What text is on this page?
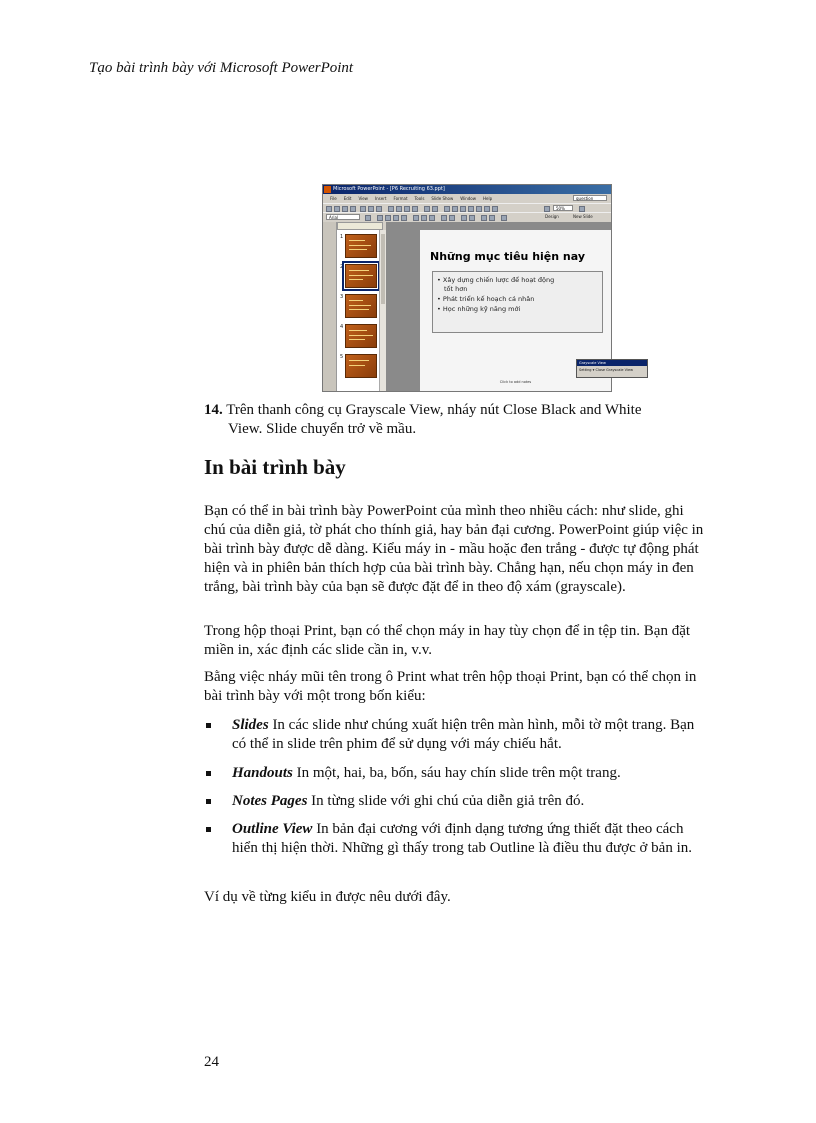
Tạo bài trình bày với Microsoft PowerPoint
Microsoft PowerPoint - [P6 Recruiting 63.ppt]
File Edit View Insert Format Tools Slide Show Window Help	question
50%
Arial	Design	New Slide
1
2
3
4
5
Những mục tiêu hiện nay
• Xây dựng chiến lược để hoạt động
tốt hơn
• Phát triển kế hoạch cá nhân
• Học những kỹ năng mới
Click to add notes
Grayscale View
Setting ▾ Close Grayscale View
14. Trên thanh công cụ Grayscale View, nháy nút Close Black and White
View. Slide chuyển trở về mầu.
In bài trình bày

Bạn có thể in bài trình bày PowerPoint của mình theo nhiều cách: như slide, ghi chú của diễn giả, tờ phát cho thính giả, hay bản đại cương. PowerPoint giúp việc in bài trình bày được dễ dàng. Kiểu máy in - mầu hoặc đen trắng - được tự động phát hiện và in phiên bản thích hợp của bài trình bày. Chẳng hạn, nếu chọn máy in đen trắng, bài trình bày của bạn sẽ được đặt để in theo độ xám (grayscale).

Trong hộp thoại Print, bạn có thể chọn máy in hay tùy chọn để in tệp tin. Bạn đặt miền in, xác định các slide cần in, v.v.

Bằng việc nháy mũi tên trong ô Print what trên hộp thoại Print, bạn có thể chọn in bài trình bày với một trong bốn kiểu:

Slides In các slide như chúng xuất hiện trên màn hình, mỗi tờ một trang. Bạn có thể in slide trên phim để sử dụng với máy chiếu hắt.
Handouts In một, hai, ba, bốn, sáu hay chín slide trên một trang.
Notes Pages In từng slide với ghi chú của diễn giả trên đó.
Outline View In bản đại cương với định dạng tương ứng thiết đặt theo cách hiển thị hiện thời. Những gì thấy trong tab Outline là điều thu được ở bản in.

Ví dụ về từng kiểu in được nêu dưới đây.

24
